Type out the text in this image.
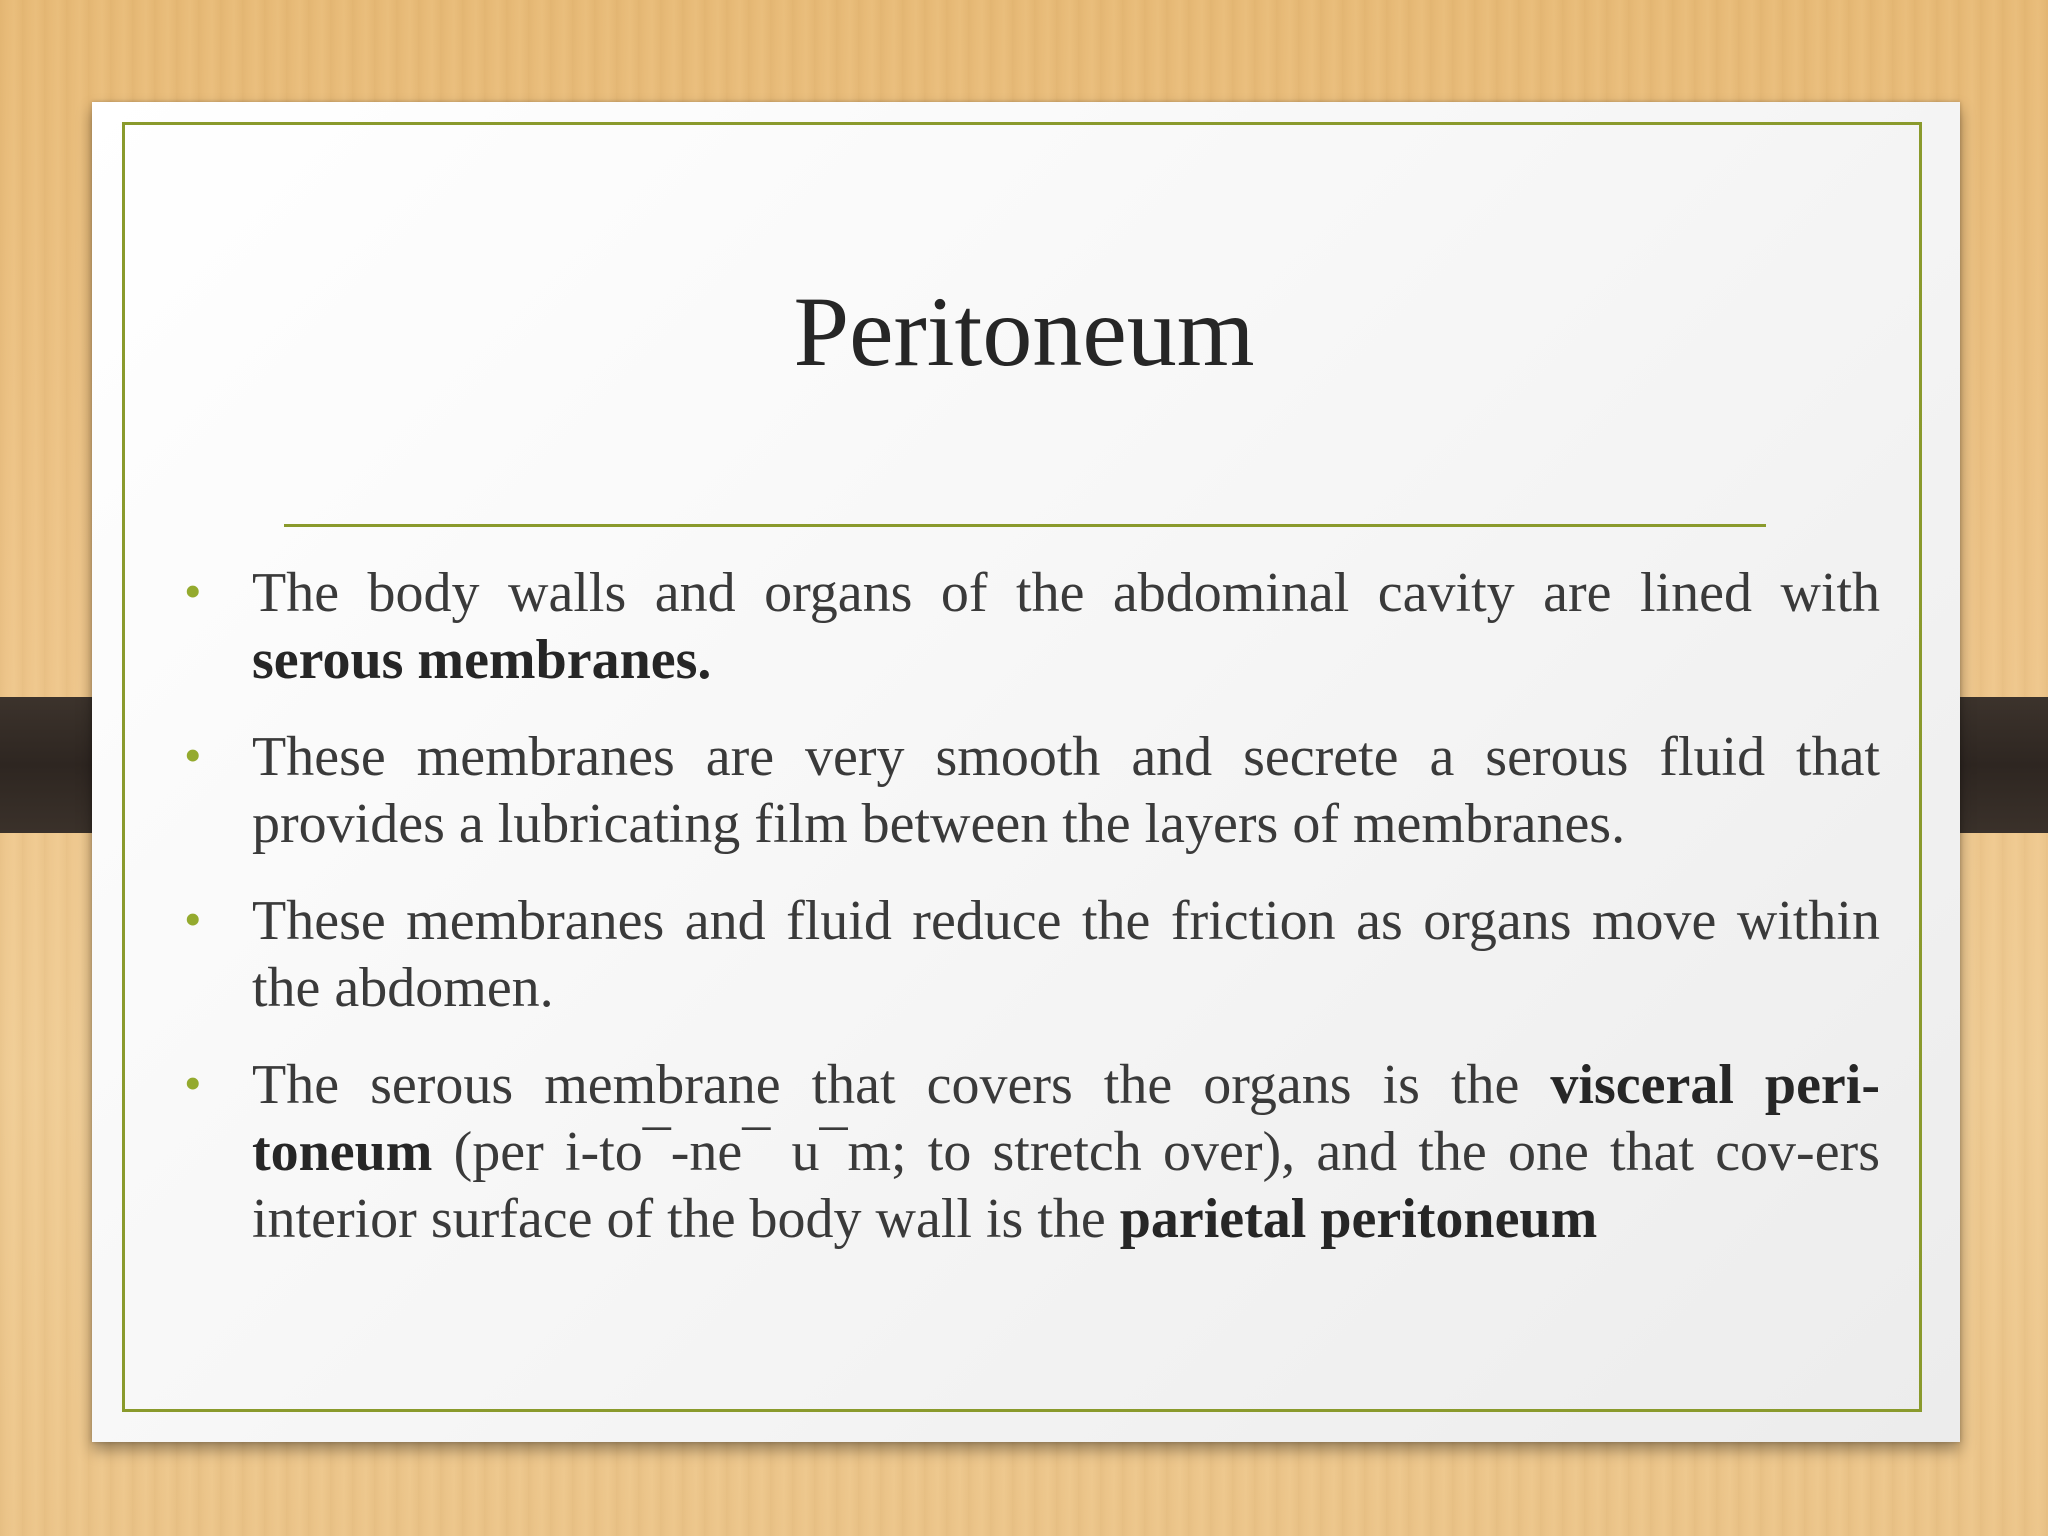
Peritoneum
• The body walls and organs of the abdominal cavity are lined with serous membranes.
• These membranes are very smooth and secrete a serous fluid that provides a lubricating film between the layers of membranes.
• These membranes and fluid reduce the friction as organs move within the abdomen.
• The serous membrane that covers the organs is the visceral peri-toneum (per i-to¯-ne¯ u¯m; to stretch over), and the one that cov-ers interior surface of the body wall is the parietal peritoneum
